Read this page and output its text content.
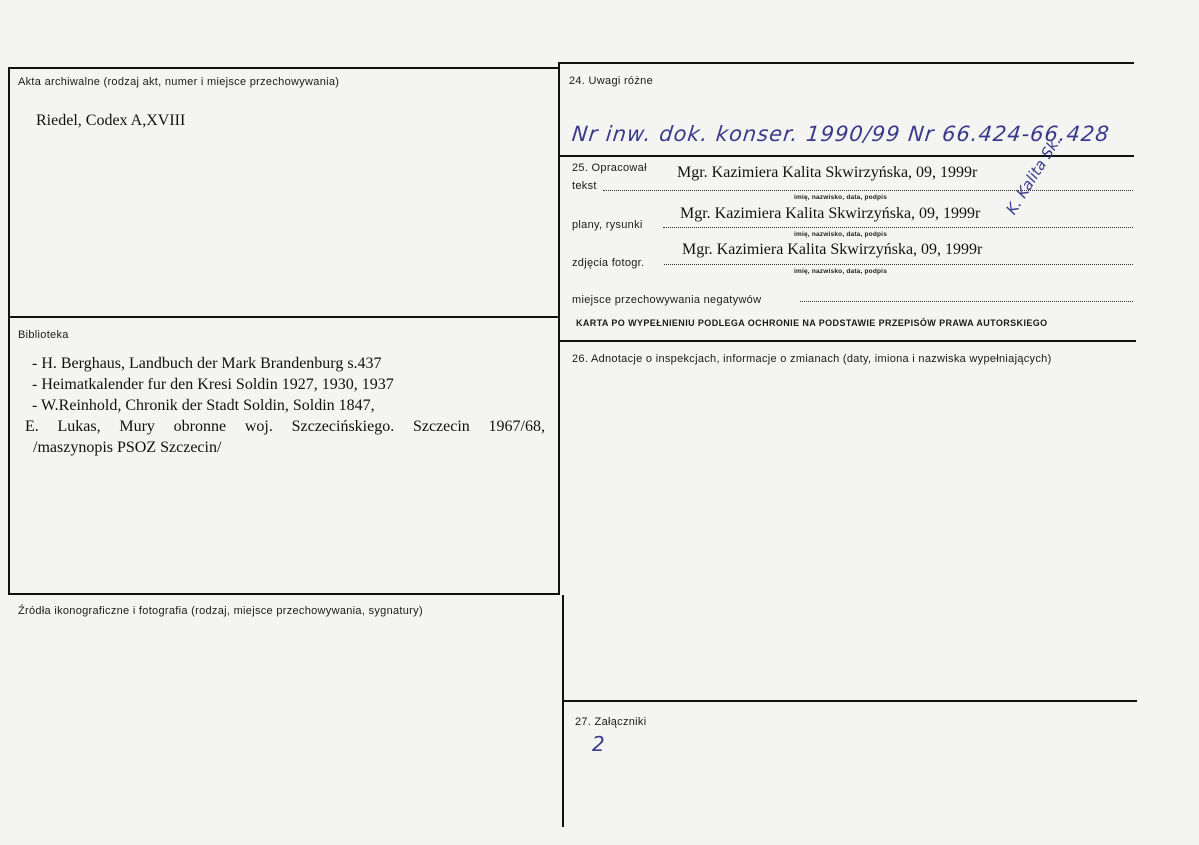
Akta archiwalne (rodzaj akt, numer i miejsce przechowywania)
Riedel, Codex A,XVIII
Biblioteka
- H. Berghaus, Landbuch der Mark Brandenburg s.437
- Heimatkalender fur den Kresi Soldin 1927, 1930, 1937
- W.Reinhold, Chronik der Stadt Soldin, Soldin 1847,
E. Lukas, Mury obronne woj. Szczecińskiego. Szczecin 1967/68,
/maszynopis PSOZ Szczecin/
Źródła ikonograficzne i fotografia (rodzaj, miejsce przechowywania, sygnatury)
24. Uwagi różne
Nr inw. dok. konser. 1990/99 Nr 66.424-66.428
25. Opracował
tekst
Mgr. Kazimiera Kalita Skwirzyńska, 09, 1999r
imię, nazwisko, data, podpis
plany, rysunki
Mgr. Kazimiera Kalita Skwirzyńska, 09, 1999r
imię, nazwisko, data, podpis
zdjęcia fotogr.
Mgr. Kazimiera Kalita Skwirzyńska, 09, 1999r
imię, nazwisko, data, podpis
K. Kalita Sk.
miejsce przechowywania negatywów
KARTA PO WYPEŁNIENIU PODLEGA OCHRONIE NA PODSTAWIE PRZEPISÓW PRAWA AUTORSKIEGO
26. Adnotacje o inspekcjach, informacje o zmianach (daty, imiona i nazwiska wypełniających)
27. Załączniki
2
